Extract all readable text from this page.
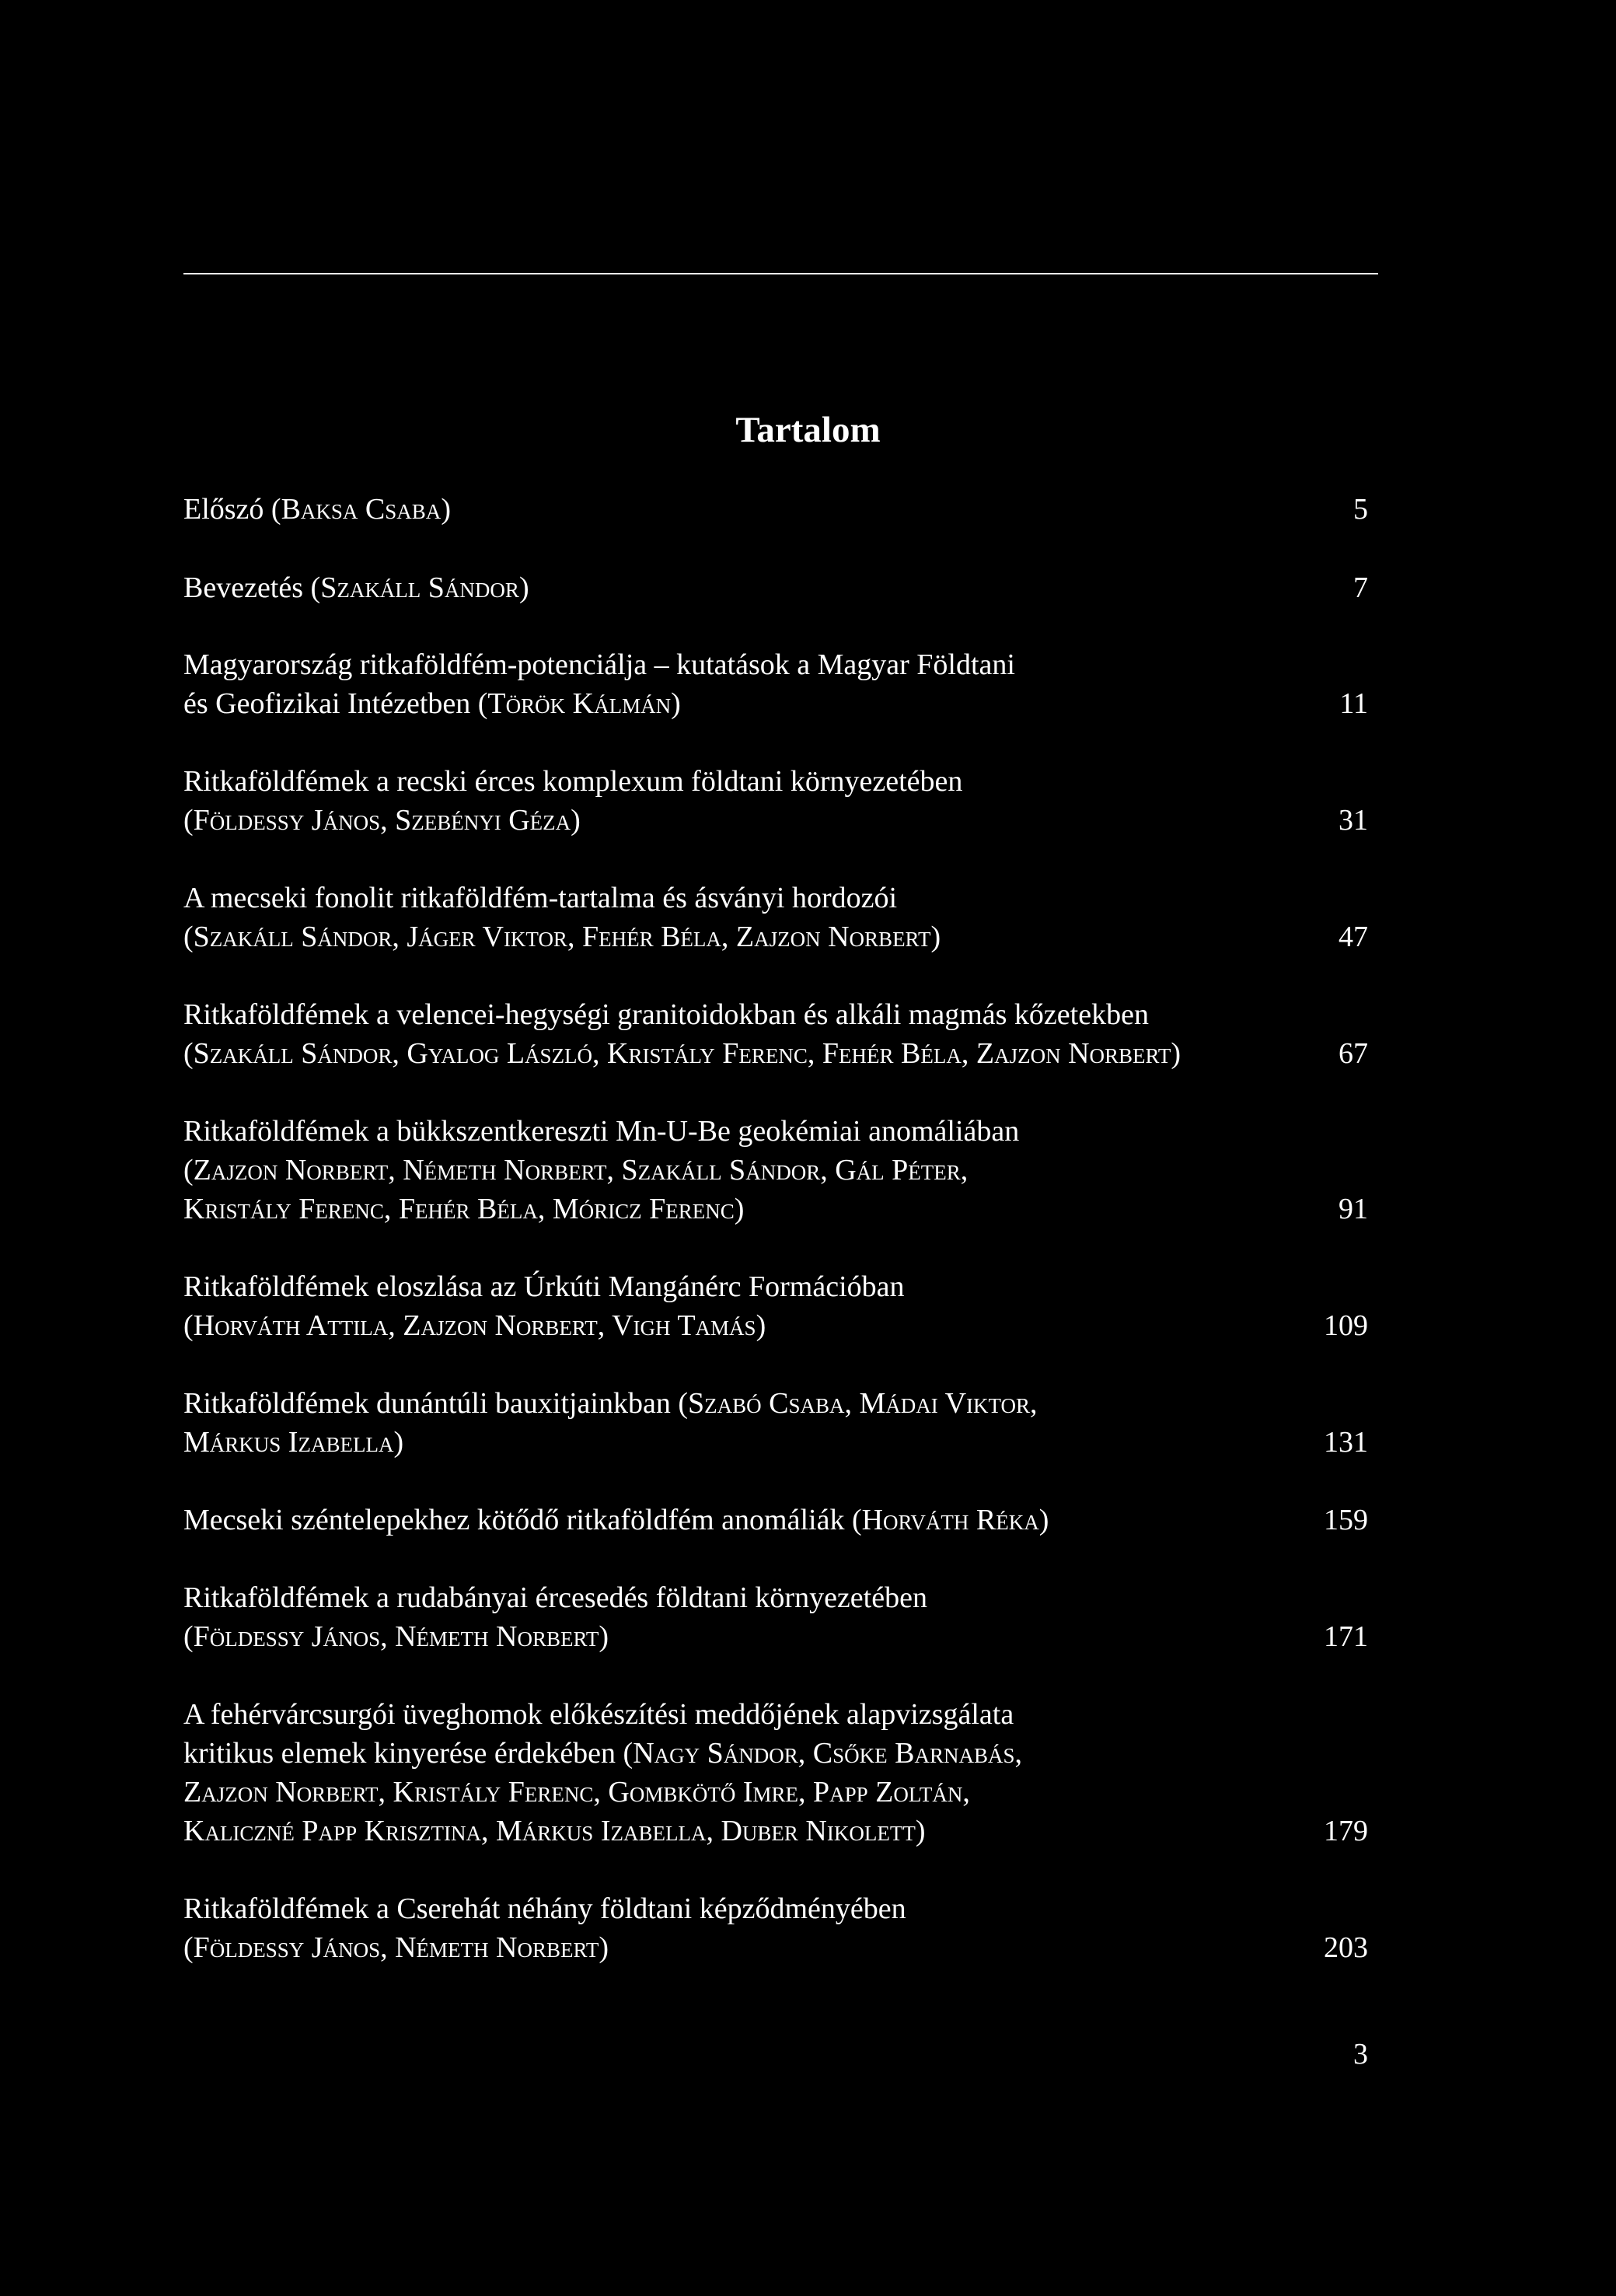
Tartalom
Előszó (Baksa Csaba)	5
Bevezetés (Szakáll Sándor)	7
Magyarország ritkaföldfém-potenciálja – kutatások a Magyar Földtani
és Geofizikai Intézetben (Török Kálmán)	11
Ritkaföldfémek a recski érces komplexum földtani környezetében
(Földessy János, Szebényi Géza)	31
A mecseki fonolit ritkaföldfém-tartalma és ásványi hordozói
(Szakáll Sándor, Jáger Viktor, Fehér Béla, Zajzon Norbert)	47
Ritkaföldfémek a velencei-hegységi granitoidokban és alkáli magmás kőzetekben
(Szakáll Sándor, Gyalog László, Kristály Ferenc, Fehér Béla, Zajzon Norbert)	67
Ritkaföldfémek a bükkszentkereszti Mn-U-Be geokémiai anomáliában
(Zajzon Norbert, Németh Norbert, Szakáll Sándor, Gál Péter,
Kristály Ferenc, Fehér Béla, Móricz Ferenc)	91
Ritkaföldfémek eloszlása az Úrkúti Mangánérc Formációban
(Horváth Attila, Zajzon Norbert, Vigh Tamás)	109
Ritkaföldfémek dunántúli bauxitjainkban (Szabó Csaba, Mádai Viktor,
Márkus Izabella)	131
Mecseki széntelepekhez kötődő ritkaföldfém anomáliák (Horváth Réka)	159
Ritkaföldfémek a rudabányai ércesedés földtani környezetében
(Földessy János, Németh Norbert)	171
A fehérvárcsurgói üveghomok előkészítési meddőjének alapvizsgálata
kritikus elemek kinyerése érdekében (Nagy Sándor, Csőke Barnabás,
Zajzon Norbert, Kristály Ferenc, Gombkötő Imre, Papp Zoltán,
Kaliczné Papp Krisztina, Márkus Izabella, Duber Nikolett)	179
Ritkaföldfémek a Cserehát néhány földtani képződményében
(Földessy János, Németh Norbert)	203
3
